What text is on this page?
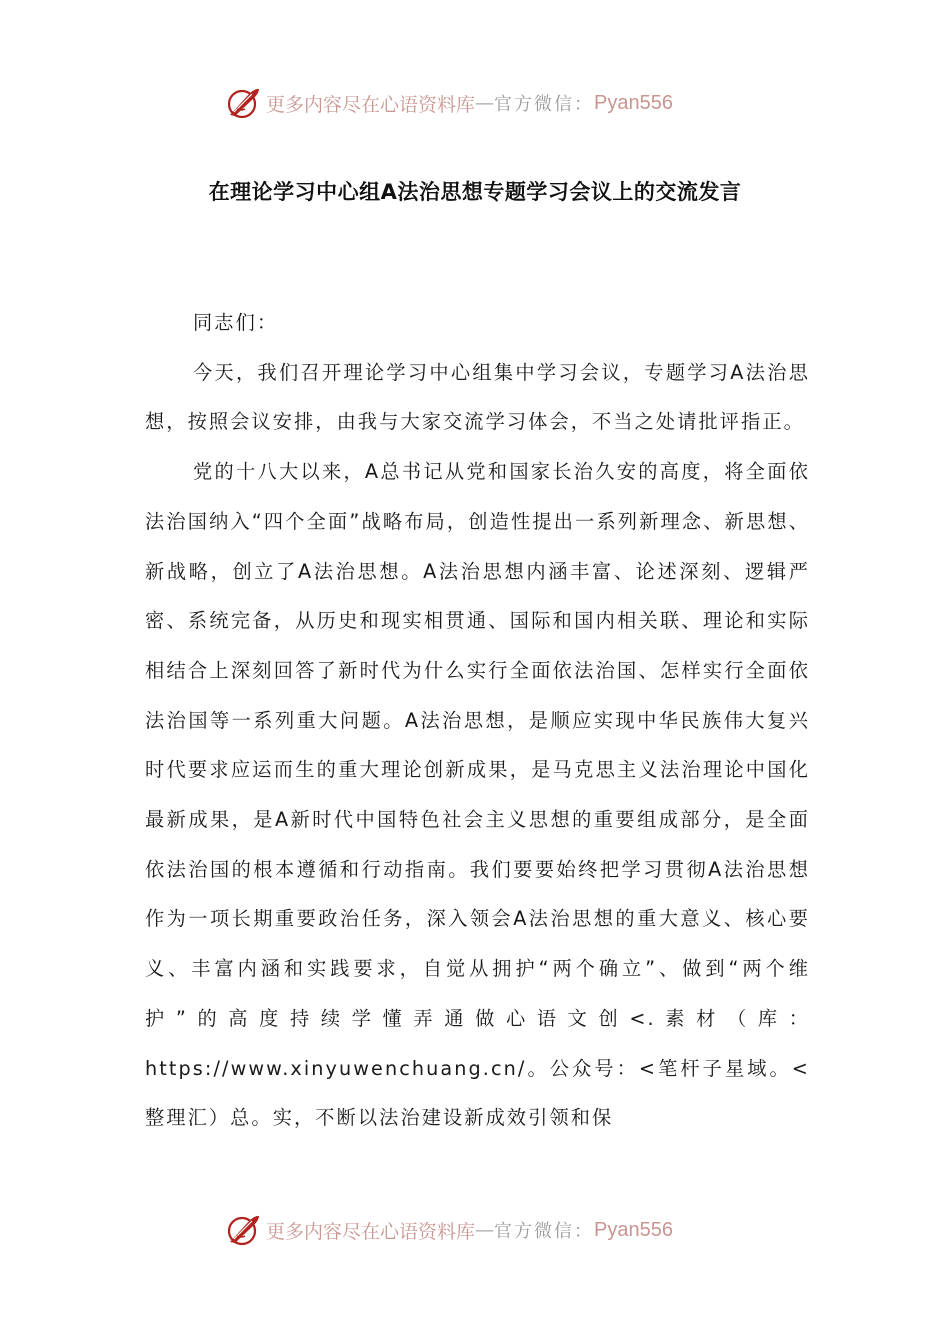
更多内容尽在心语资料库 — 官方微信： Pyan556
在理论学习中心组A法治思想专题学习会议上的交流发言

同志们：

今天，我们召开理论学习中心组集中学习会议，专题学习A法治思想，按照会议安排，由我与大家交流学习体会，不当之处请批评指正。

党的十八大以来，A总书记从党和国家长治久安的高度，将全面依法治国纳入“四个全面”战略布局，创造性提出一系列新理念、新思想、新战略，创立了A法治思想。A法治思想内涵丰富、论述深刻、逻辑严密、系统完备，从历史和现实相贯通、国际和国内相关联、理论和实际相结合上深刻回答了新时代为什么实行全面依法治国、怎样实行全面依法治国等一系列重大问题。A法治思想，是顺应实现中华民族伟大复兴时代要求应运而生的重大理论创新成果，是马克思主义法治理论中国化最新成果，是A新时代中国特色社会主义思想的重要组成部分，是全面依法治国的根本遵循和行动指南。我们要要始终把学习贯彻A法治思想作为一项长期重要政治任务，深入领会A法治思想的重大意义、核心要义、丰富内涵和实践要求，自觉从拥护“两个确立”、做到“两个维护”的高度持续学懂弄通做心语文创<.素材（库：https://www.xinyuwenchuang.cn/。公众号：<笔杆子星域。<整理汇）总。实，不断以法治建设新成效引领和保

更多内容尽在心语资料库 — 官方微信： Pyan556
